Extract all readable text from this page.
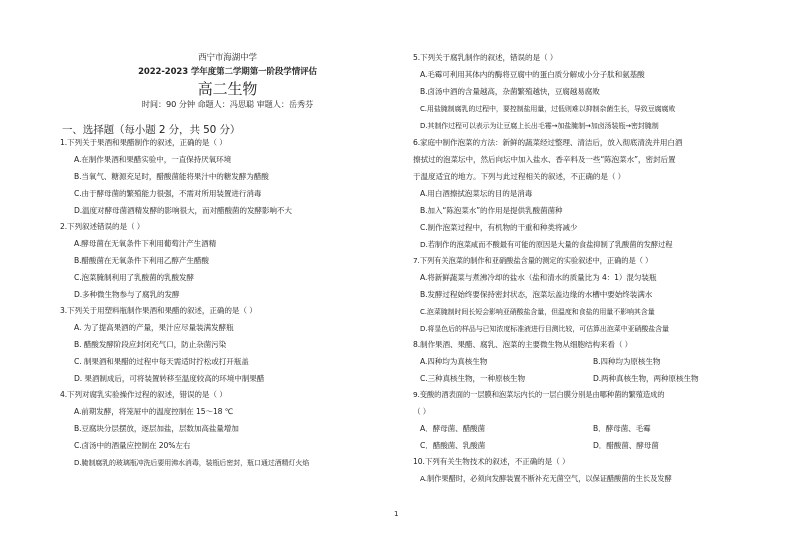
西宁市海湖中学
2022-2023 学年度第二学期第一阶段学情评估
高二生物
时间：90 分钟 命题人：冯思聪 审题人：岳秀芬
一、选择题（每小题 2 分，共 50 分）
1.下列关于果酒和果醋制作的叙述，正确的是（ ）
A.在制作果酒和果醋实验中，一直保持厌氧环境
B.当氧气、糖源充足时，醋酸菌能将果汁中的糖发酵为醋酸
C.由于酵母菌的繁殖能力很强，不需对所用装置进行消毒
D.温度对酵母菌酒精发酵的影响很大，而对醋酸菌的发酵影响不大
2.下列叙述错误的是（ ）
A.酵母菌在无氧条件下利用葡萄汁产生酒精
B.醋酸菌在无氧条件下利用乙醇产生醋酸
C.泡菜腌制利用了乳酸菌的乳酸发酵
D.多种微生物参与了腐乳的发酵
3.下列关于用塑料瓶制作果酒和果醋的叙述，正确的是（ ）
A. 为了提高果酒的产量，果汁应尽量装满发酵瓶
B. 醋酸发酵阶段应封闭充气口，防止杂菌污染
C. 制果酒和果醋的过程中每天需适时拧松或打开瓶盖
D. 果酒制成后，可将装置转移至温度较高的环境中制果醋
4.下列对腐乳实验操作过程的叙述，错误的是（ ）
A.前期发酵，将笼屉中的温度控制在 15～18 ℃
B.豆腐块分层摆放，逐层加盐，层数加高盐量增加
C.卤汤中的酒量应控制在 20%左右
D.腌制腐乳的玻璃瓶冲洗后要用沸水消毒，装瓶后密封，瓶口通过酒精灯火焰
5.下列关于腐乳制作的叙述，错误的是（ ）
A.毛霉可利用其体内的酶将豆腐中的蛋白质分解成小分子肽和氨基酸
B.卤汤中酒的含量越高，杂菌繁殖越快，豆腐越易腐败
C.用盐腌制腐乳的过程中，要控制盐用量，过低则难以抑制杂菌生长，导致豆腐腐败
D.其制作过程可以表示为让豆腐上长出毛霉→加盐腌制→加卤汤装瓶→密封腌制
6.家庭中制作泡菜的方法：新鲜的蔬菜经过整理、清洁后，放入彻底清洗并用白酒
擦拭过的泡菜坛中，然后向坛中加入盐水、香辛料及一些“陈泡菜水”，密封后置
于温度适宜的地方。下列与此过程相关的叙述，不正确的是（ ）
A.用白酒擦拭泡菜坛的目的是消毒
B.加入“陈泡菜水”的作用是提供乳酸菌菌种
C.制作泡菜过程中，有机物的干重和种类将减少
D.若制作的泡菜咸而不酸最有可能的原因是大量的食盐抑制了乳酸菌的发酵过程
7.下列有关泡菜的制作和亚硝酸盐含量的测定的实验叙述中，正确的是（ ）
A.将新鲜蔬菜与煮沸冷却的盐水（盐和清水的质量比为 4：1）混匀装瓶
B.发酵过程始终要保持密封状态，泡菜坛盖边缘的水槽中要始终装满水
C.泡菜腌制时间长短会影响亚硝酸盐含量，但温度和食盐的用量不影响其含量
D.将显色后的样品与已知浓度标准液进行目测比较，可估算出泡菜中亚硝酸盐含量
8.制作果酒、果醋、腐乳、泡菜的主要微生物从细胞结构来看（ ）
A.四种均为真核生物	B.四种均为原核生物
C.三种真核生物，一种原核生物	D.两种真核生物，两种原核生物
9.变酸的酒表面的一层膜和泡菜坛内长的一层白膜分别是由哪种菌的繁殖造成的
（ ）
A．酵母菌、醋酸菌	B．酵母菌、毛霉
C．醋酸菌、乳酸菌	D．醋酸菌、酵母菌
10.下列有关生物技术的叙述，不正确的是（ ）
A.制作果醋时，必须向发酵装置不断补充无菌空气，以保证醋酸菌的生长及发酵
1
